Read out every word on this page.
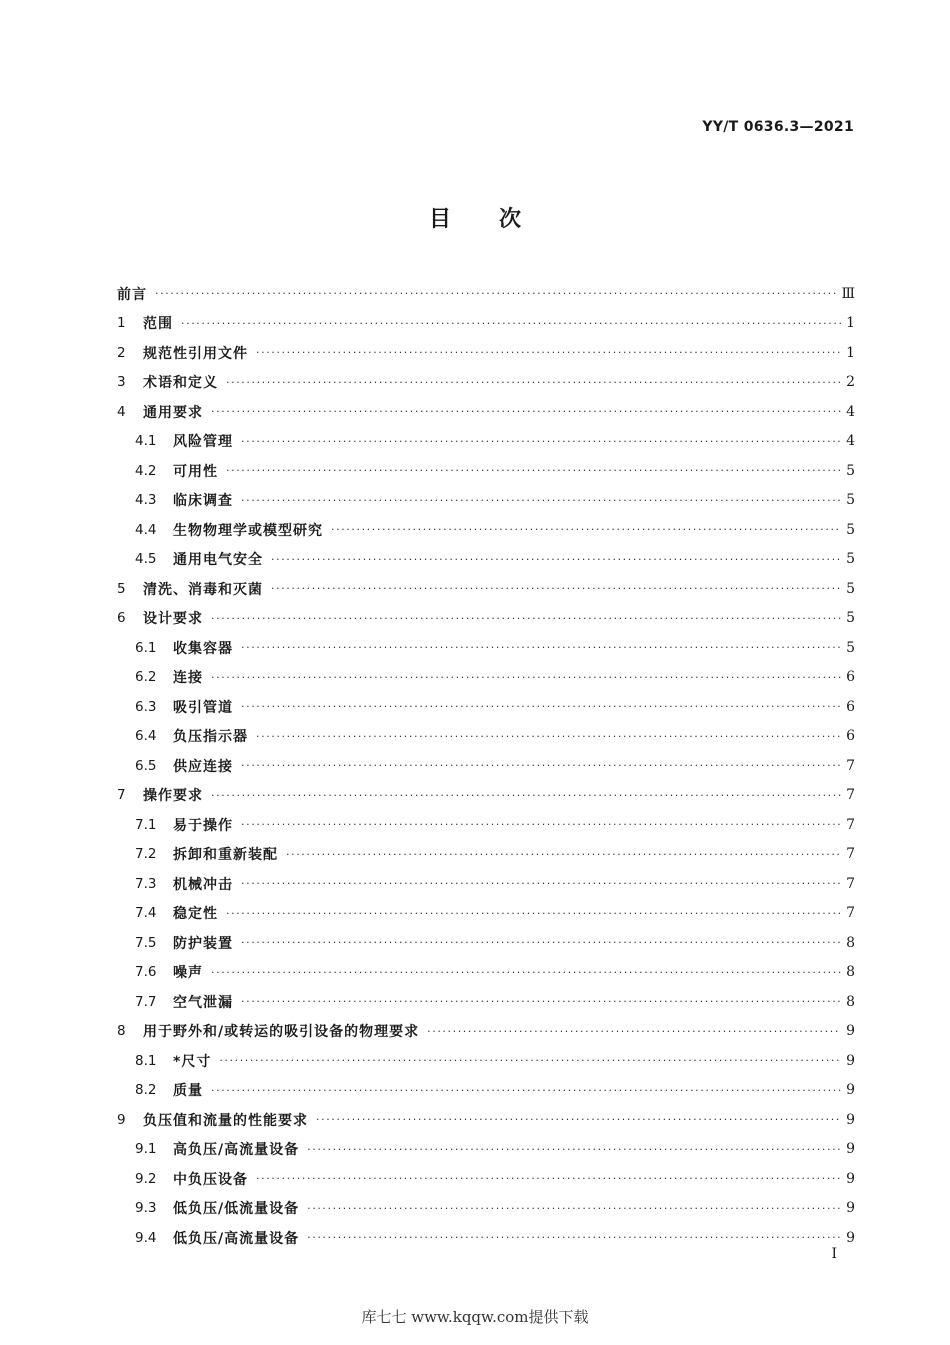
YY/T 0636.3—2021
目次
前言 ·····	Ⅲ
1	范围 ·····	1
2	规范性引用文件 ·····	1
3	术语和定义 ·····	2
4	通用要求 ·····	4
4.1	风险管理 ·····	4
4.2	可用性 ·····	5
4.3	临床调查 ·····	5
4.4	生物物理学或模型研究 ·····	5
4.5	通用电气安全 ·····	5
5	清洗、消毒和灭菌 ·····	5
6	设计要求 ·····	5
6.1	收集容器 ·····	5
6.2	连接 ·····	6
6.3	吸引管道 ·····	6
6.4	负压指示器 ·····	6
6.5	供应连接 ·····	7
7	操作要求 ·····	7
7.1	易于操作 ·····	7
7.2	拆卸和重新装配 ·····	7
7.3	机械冲击 ·····	7
7.4	稳定性 ·····	7
7.5	防护装置 ·····	8
7.6	噪声 ·····	8
7.7	空气泄漏 ·····	8
8	用于野外和/或转运的吸引设备的物理要求 ·····	9
8.1	*尺寸 ·····	9
8.2	质量 ·····	9
9	负压值和流量的性能要求 ·····	9
9.1	高负压/高流量设备 ·····	9
9.2	中负压设备 ·····	9
9.3	低负压/低流量设备 ·····	9
9.4	低负压/高流量设备 ·····	9
I
库七七 www.kqqw.com提供下载
